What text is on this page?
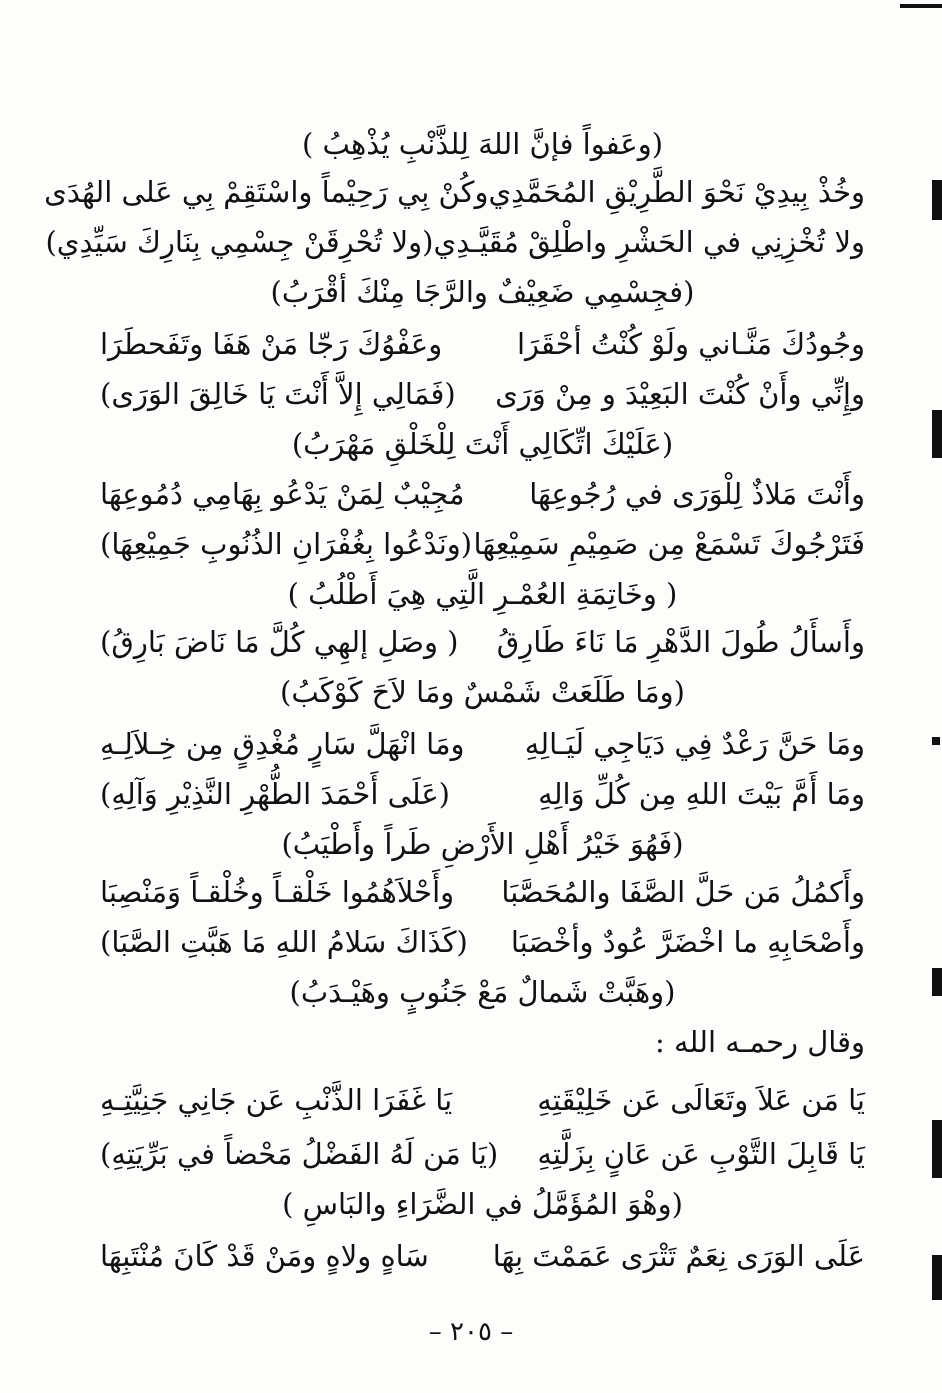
(وعَفواً فإنَّ اللهَ لِلذَّنْبِ يُذْهِبُ )
وخُذْ بِيدِيْ نَحْوَ الطَّرِيْقِ المُحَمَّدِي
وكُنْ بِي رَحِيْماً واسْتَقِمْ بِي عَلى الهُدَى
ولا تُخْزِنِي في الحَشْرِ واطْلِقْ مُقَيَّـدِي
(ولا تُحْرِقَنْ جِسْمِي بِنَارِكَ سَيِّدِي)
(فجِسْمِي ضَعِيْفٌ والرَّجَا مِنْكَ أقْرَبُ)
وجُودُكَ مَنَّـاني ولَوْ كُنْتُ أحْقَرَا
وعَفْوُكَ رَجّا مَنْ هَفَا وتَفَحطَرَا
وإِنِّي وأَنْ كُنْتَ البَعِيْدَ و مِنْ وَرَى
(فَمَالِي إِلاَّ أَنْتَ يَا خَالِقَ الوَرَى)
(عَلَيْكَ اتِّكَالِي أَنْتَ لِلْخَلْقِ مَهْرَبُ)
وأَنْتَ مَلاذٌ لِلْوَرَى في رُجُوعِهَا
مُجِيْبٌ لِمَنْ يَدْعُو بِهَامِي دُمُوعِهَا
فَتَرْجُوكَ تَسْمَعْ مِن صَمِيْمِ سَمِيْعِهَا
(ونَدْعُوا بِغُفْرَانِ الذُنُوبِ جَمِيْعِهَا)
( وخَاتِمَةِ العُمْـرِ الَّتِي هِيَ أَطْلُبُ )
وأَسأَلُ طُولَ الدَّهْرِ مَا نَاءَ طَارِقُ
( وصَلِ إلهِي كُلَّ مَا نَاضَ بَارِقُ)
(ومَا طَلَعَتْ شَمْسٌ ومَا لاَحَ كَوْكَبُ)
ومَا حَنَّ رَعْدٌ فِي دَيَاجِي لَيَـالِهِ
ومَا انْهَلَّ سَارٍ مُغْدِقٍ مِن خِـلاَلِـهِ
ومَا أَمَّ بَيْتَ اللهِ مِن كُلِّ وَالِهِ
(عَلَى أَحْمَدَ الطُّهْرِ النَّذِيْرِ وَآلِهِ)
(فَهُوَ خَيْرُ أَهْلِ الأَرْضِ طَراً وأَطْيَبُ)
وأَكمُلُ مَن حَلَّ الصَّفَا والمُحَصَّبَا
وأَحْلاَهُمُوا خَلْقـاً وخُلْقـاً وَمَنْصِبَا
وأَصْحَابِهِ ما اخْضَرَّ عُودٌ وأخْصَبَا
(كَذَاكَ سَلامُ اللهِ مَا هَبَّتِ الصَّبَا)
(وهَبَّتْ شَمالٌ مَعْ جَنُوبٍ وهَيْـدَبُ)
وقال رحمـه الله :
يَا مَن عَلاَ وتَعَالَى عَن خَلِيْقَتِهِ
يَا غَفَرَا الذَّنْبِ عَن جَانِي جَنِيَّتِـهِ
يَا قَابِلَ التَّوْبِ عَن عَانٍ بِزَلَّتِهِ
(يَا مَن لَهُ الفَضْلُ مَحْضاً في بَرِّيَتِهِ)
(وهْوَ المُؤَمَّلُ في الضَّرَاءِ والبَاسِ )
عَلَى الوَرَى نِعَمٌ تَتْرَى عَمَمْتَ بِهَا
سَاهٍ ولاهٍ ومَنْ قَدْ كَانَ مُنْتَبِهَا
– ٢٠٥ –
